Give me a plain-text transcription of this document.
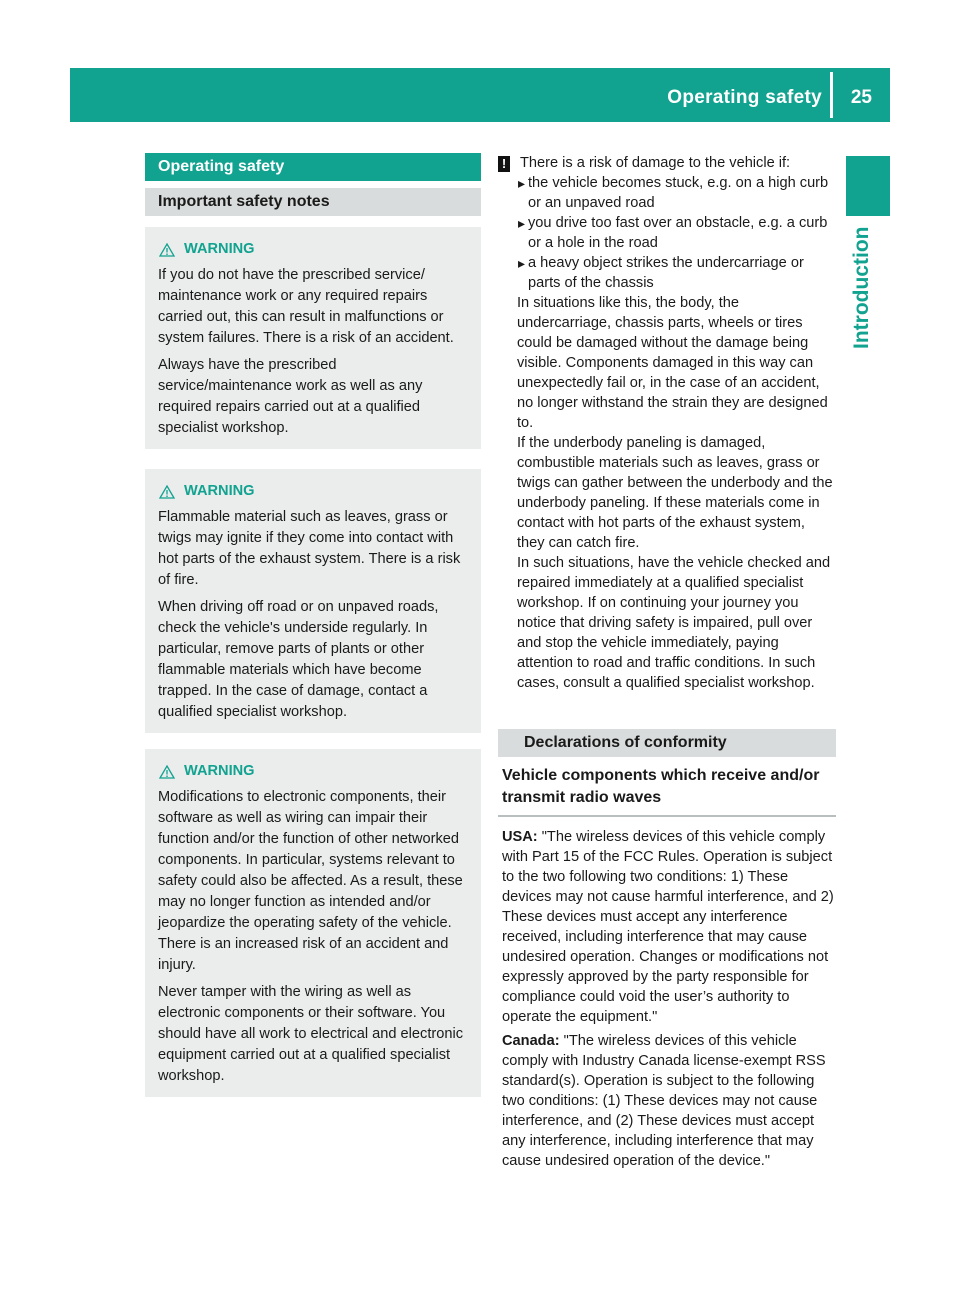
Operating safety 25
Introduction
Operating safety
Important safety notes
WARNING

If you do not have the prescribed service/ maintenance work or any required repairs carried out, this can result in malfunctions or system failures. There is a risk of an accident.

Always have the prescribed service/maintenance work as well as any required repairs carried out at a qualified specialist workshop.

WARNING

Flammable material such as leaves, grass or twigs may ignite if they come into contact with hot parts of the exhaust system. There is a risk of fire.

When driving off road or on unpaved roads, check the vehicle's underside regularly. In particular, remove parts of plants or other flammable materials which have become trapped. In the case of damage, contact a qualified specialist workshop.

WARNING

Modifications to electronic components, their software as well as wiring can impair their function and/or the function of other networked components. In particular, systems relevant to safety could also be affected. As a result, these may no longer function as intended and/or jeopardize the operating safety of the vehicle. There is an increased risk of an accident and injury.

Never tamper with the wiring as well as electronic components or their software. You should have all work to electrical and electronic equipment carried out at a qualified specialist workshop.

! There is a risk of damage to the vehicle if:
▸ the vehicle becomes stuck, e.g. on a high curb or an unpaved road
▸ you drive too fast over an obstacle, e.g. a curb or a hole in the road
▸ a heavy object strikes the undercarriage or parts of the chassis

In situations like this, the body, the undercarriage, chassis parts, wheels or tires could be damaged without the damage being visible. Components damaged in this way can unexpectedly fail or, in the case of an accident, no longer withstand the strain they are designed to.

If the underbody paneling is damaged, combustible materials such as leaves, grass or twigs can gather between the underbody and the underbody paneling. If these materials come in contact with hot parts of the exhaust system, they can catch fire.

In such situations, have the vehicle checked and repaired immediately at a qualified specialist workshop. If on continuing your journey you notice that driving safety is impaired, pull over and stop the vehicle immediately, paying attention to road and traffic conditions. In such cases, consult a qualified specialist workshop.

Declarations of conformity
Vehicle components which receive and/or transmit radio waves

USA: "The wireless devices of this vehicle comply with Part 15 of the FCC Rules. Operation is subject to the two following two conditions: 1) These devices may not cause harmful interference, and 2) These devices must accept any interference received, including interference that may cause undesired operation. Changes or modifications not expressly approved by the party responsible for compliance could void the user’s authority to operate the equipment."

Canada: "The wireless devices of this vehicle comply with Industry Canada license-exempt RSS standard(s). Operation is subject to the following two conditions: (1) These devices may not cause interference, and (2) These devices must accept any interference, including interference that may cause undesired operation of the device."
